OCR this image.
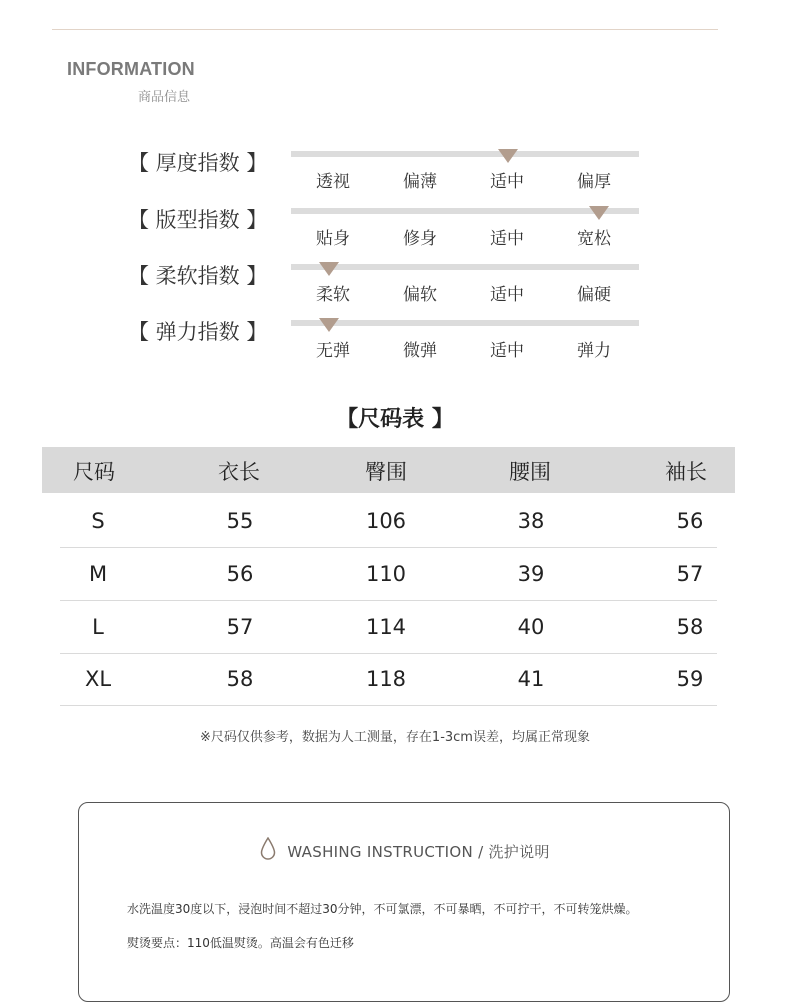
INFORMATION
商品信息
【 厚度指数 】
透视	偏薄	适中	偏厚
【 版型指数 】
贴身	修身	适中	宽松
【 柔软指数 】
柔软	偏软	适中	偏硬
【 弹力指数 】
无弹	微弹	适中	弹力
【尺码表 】
尺码	衣长	臀围	腰围	袖长
S	55	106	38	56
M	56	110	39	57
L	57	114	40	58
XL	58	118	41	59
※尺码仅供参考，数据为人工测量，存在1-3cm误差，均属正常现象
WASHING INSTRUCTION / 洗护说明
水洗温度30度以下，浸泡时间不超过30分钟，不可氯漂，不可暴晒，不可拧干，不可转笼烘燥。
熨烫要点：110低温熨烫。高温会有色迁移
